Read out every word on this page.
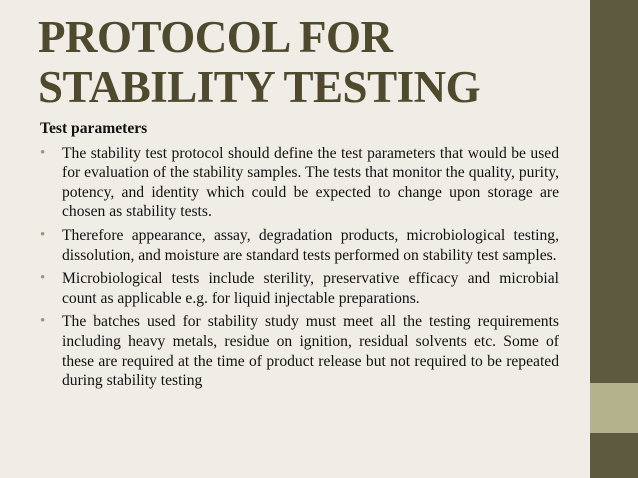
PROTOCOL FOR
STABILITY TESTING
Test parameters
• The stability test protocol should define the test parameters that would be used for evaluation of the stability samples. The tests that monitor the quality, purity, potency, and identity which could be expected to change upon storage are chosen as stability tests.
• Therefore appearance, assay, degradation products, microbiological testing, dissolution, and moisture are standard tests performed on stability test samples.
• Microbiological tests include sterility, preservative efficacy and microbial count as applicable e.g. for liquid injectable preparations.
• The batches used for stability study must meet all the testing requirements including heavy metals, residue on ignition, residual solvents etc. Some of these are required at the time of product release but not required to be repeated during stability testing
